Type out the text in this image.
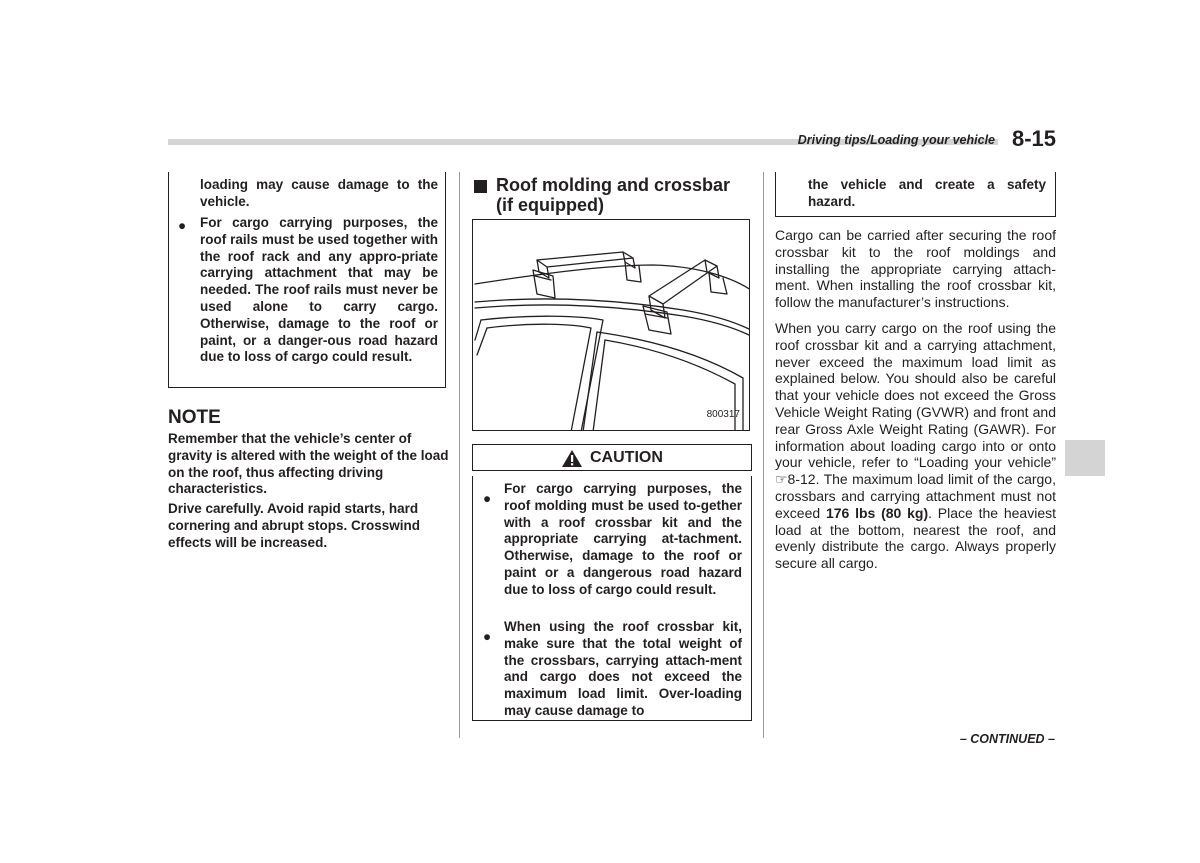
Driving tips/Loading your vehicle 8-15
loading may cause damage to the vehicle.
● For cargo carrying purposes, the roof rails must be used together with the roof rack and any appro-priate carrying attachment that may be needed. The roof rails must never be used alone to carry cargo. Otherwise, damage to the roof or paint, or a danger-ous road hazard due to loss of cargo could result.
NOTE
Remember that the vehicle’s center of gravity is altered with the weight of the load on the roof, thus affecting driving characteristics.
Drive carefully. Avoid rapid starts, hard cornering and abrupt stops. Crosswind effects will be increased.
Roof molding and crossbar (if equipped)
800317
CAUTION
●
For cargo carrying purposes, the roof molding must be used to-gether with a roof crossbar kit and the appropriate carrying at-tachment. Otherwise, damage to the roof or paint or a dangerous road hazard due to loss of cargo could result.
●
When using the roof crossbar kit, make sure that the total weight of the crossbars, carrying attach-ment and cargo does not exceed the maximum load limit. Over-loading may cause damage to
the vehicle and create a safety hazard.
Cargo can be carried after securing the roof crossbar kit to the roof moldings and installing the appropriate carrying attach-ment. When installing the roof crossbar kit, follow the manufacturer’s instructions.
When you carry cargo on the roof using the roof crossbar kit and a carrying attachment, never exceed the maximum load limit as explained below. You should also be careful that your vehicle does not exceed the Gross Vehicle Weight Rating (GVWR) and front and rear Gross Axle Weight Rating (GAWR). For information about loading cargo into or onto your vehicle, refer to “Loading your vehicle” ☞8-12. The maximum load limit of the cargo, crossbars and carrying attachment must not exceed 176 lbs (80 kg). Place the heaviest load at the bottom, nearest the roof, and evenly distribute the cargo. Always properly secure all cargo.
– CONTINUED –
